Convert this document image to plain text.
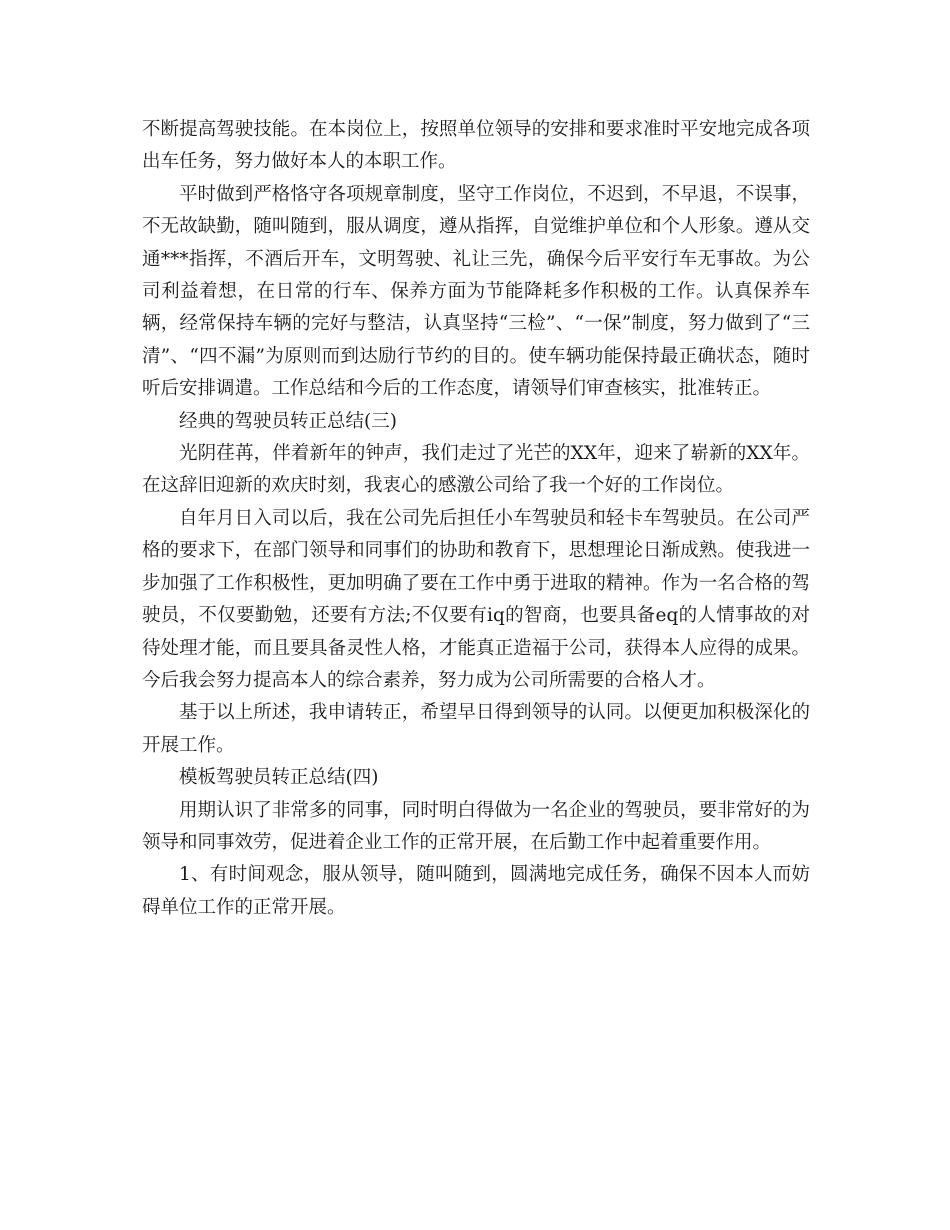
不断提高驾驶技能。在本岗位上，按照单位领导的安排和要求准时平安地完成各项出车任务，努力做好本人的本职工作。

平时做到严格恪守各项规章制度，坚守工作岗位，不迟到，不早退，不误事，不无故缺勤，随叫随到，服从调度，遵从指挥，自觉维护单位和个人形象。遵从交通***指挥，不酒后开车，文明驾驶、礼让三先，确保今后平安行车无事故。为公司利益着想，在日常的行车、保养方面为节能降耗多作积极的工作。认真保养车辆，经常保持车辆的完好与整洁，认真坚持“三检”、“一保”制度，努力做到了“三清”、“四不漏”为原则而到达励行节约的目的。使车辆功能保持最正确状态，随时听后安排调遣。工作总结和今后的工作态度，请领导们审查核实，批准转正。

经典的驾驶员转正总结(三)

光阴荏苒，伴着新年的钟声，我们走过了光芒的XX年，迎来了崭新的XX年。在这辞旧迎新的欢庆时刻，我衷心的感激公司给了我一个好的工作岗位。

自年月日入司以后，我在公司先后担任小车驾驶员和轻卡车驾驶员。在公司严格的要求下，在部门领导和同事们的协助和教育下，思想理论日渐成熟。使我进一步加强了工作积极性，更加明确了要在工作中勇于进取的精神。作为一名合格的驾驶员，不仅要勤勉，还要有方法;不仅要有iq的智商，也要具备eq的人情事故的对待处理才能，而且要具备灵性人格，才能真正造福于公司，获得本人应得的成果。今后我会努力提高本人的综合素养，努力成为公司所需要的合格人才。

基于以上所述，我申请转正，希望早日得到领导的认同。以便更加积极深化的开展工作。

模板驾驶员转正总结(四)

用期认识了非常多的同事，同时明白得做为一名企业的驾驶员，要非常好的为领导和同事效劳，促进着企业工作的正常开展，在后勤工作中起着重要作用。

1、有时间观念，服从领导，随叫随到，圆满地完成任务，确保不因本人而妨碍单位工作的正常开展。
